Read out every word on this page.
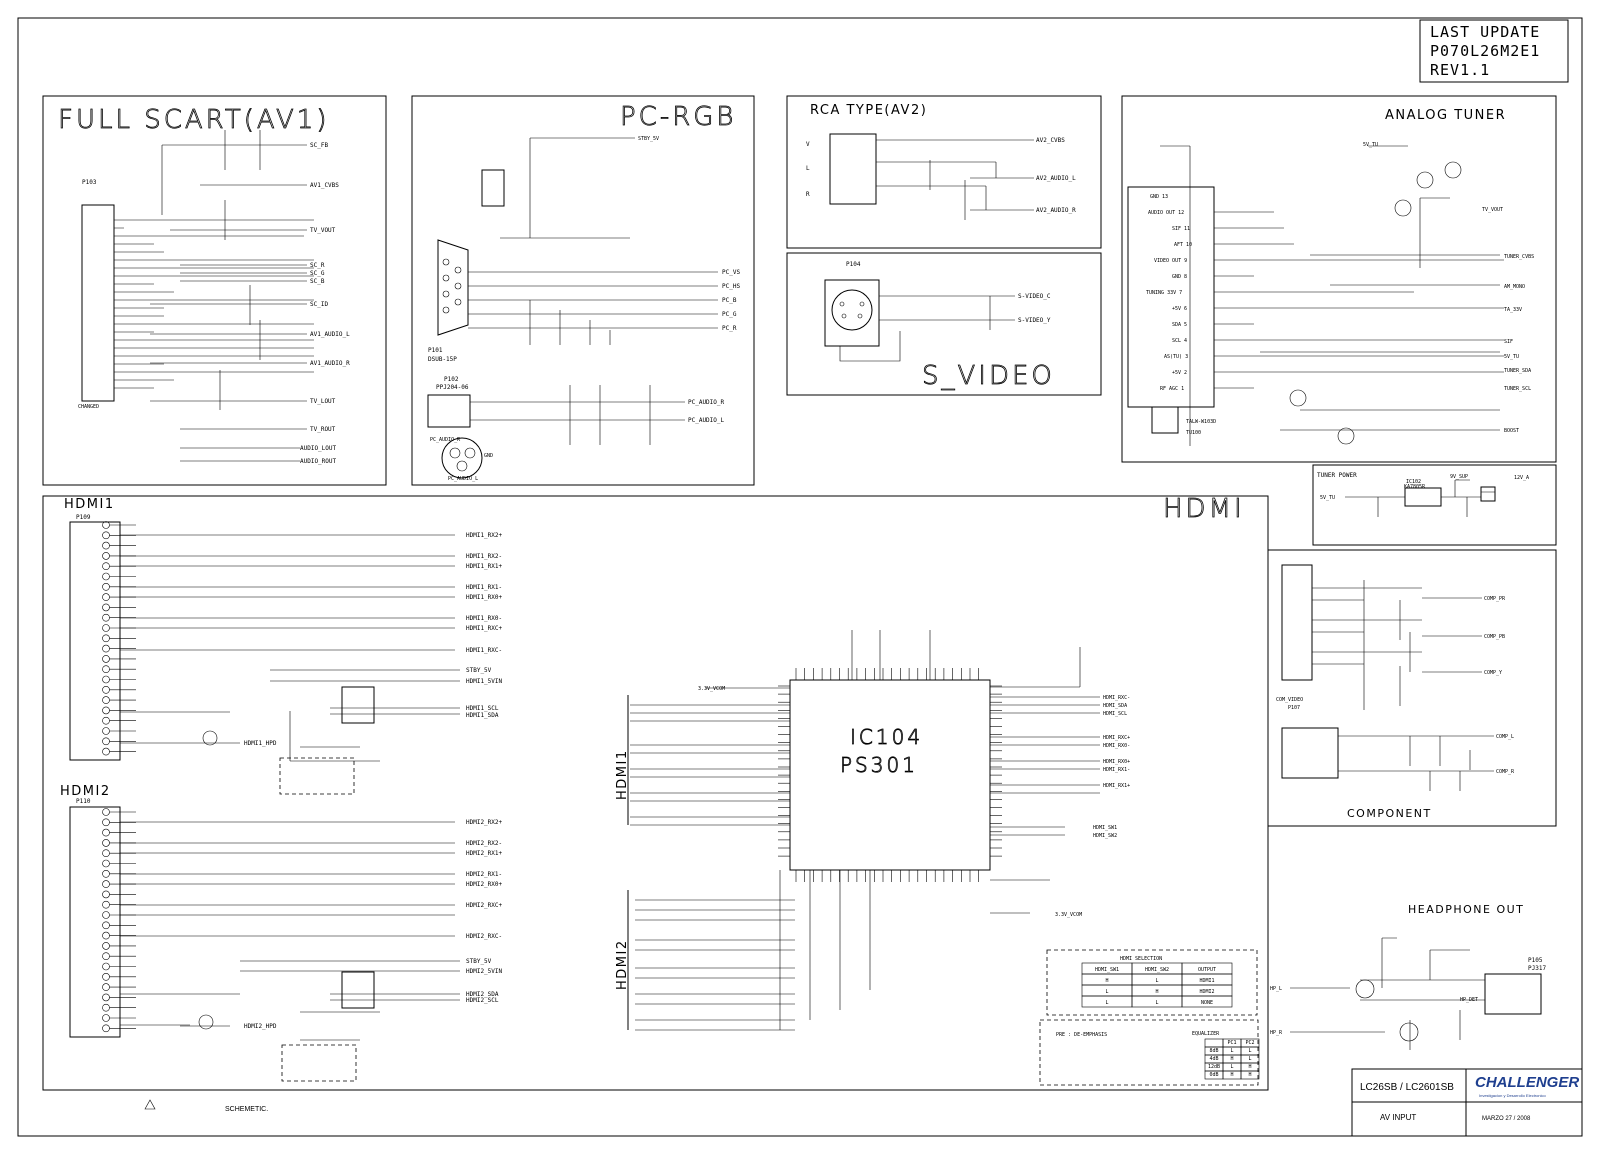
LAST UPDATE
P070L26M2E1
REV1.1
FULL SCART(AV1)
P103
CHANGED
SC_FB
AV1_CVBS
TV_VOUT
SC_R
SC_G
SC_B
SC_ID
AV1_AUDIO_L
AV1_AUDIO_R
TV_LOUT
TV_ROUT
AUDIO_LOUT
AUDIO_ROUT
PC-RGB
STBY_5V
P101
DSUB-15P
P102
PPJ204-06
PC_AUDIO_R
GND
PC_AUDIO_L
PC_VS
PC_HS
PC_B
PC_G
PC_R
PC_AUDIO_R
PC_AUDIO_L
RCA TYPE(AV2)
V
L
R
AV2_CVBS
AV2_AUDIO_L
AV2_AUDIO_R
P104
S-VIDEO_C
S-VIDEO_Y
S_VIDEO
ANALOG TUNER
TALW-W103D
TU100
GND 13
AUDIO OUT 12
SIF 11
AFT 10
VIDEO OUT 9
GND 8
TUNING 33V 7
+5V 6
SDA 5
SCL 4
AS(TU) 3
+5V 2
RF AGC 1
5V_TU
TV_VOUT
TUNER_CVBS
AM_MONO
TA_33V
SIF
5V_TU
TUNER_SDA
TUNER_SCL
BOOST
TUNER POWER
IC102
KA7805R
5V_TU
9V_SUP	12V_A
HDMI
HDMI1
HDMI2
P109
P110
HDMI1_RX2+
HDMI1_RX2-
HDMI1_RX1+
HDMI1_RX1-
HDMI1_RX0+
HDMI1_RX0-
HDMI1_RXC+
HDMI1_RXC-
STBY_5V
HDMI1_5VIN
HDMI1_SCL
HDMI1_SDA
HDMI1_HPD
HDMI2_RX2+
HDMI2_RX2-
HDMI2_RX1+
HDMI2_RX1-
HDMI2_RX0+
HDMI2_RXC+
HDMI2_RXC-
STBY_5V
HDMI2_5VIN
HDMI2_SDA
HDMI2_SCL
HDMI2_HPD
IC104
PS301
3.3V_VCOM
3.3V_VCOM
HDMI1
HDMI2
HDMI_RXC-
HDMI_SDA
HDMI_SCL
HDMI_RXC+
HDMI_RX0-
HDMI_RX0+
HDMI_RX1-
HDMI_RX1+
HDMI_SW1
HDMI_SW2
HDMI SELECTION
HDMI_SW1	HDMI_SW2	OUTPUT
H	L	HDMI1
L	H	HDMI2
L	L	NONE
PRE : DE-EMPHASIS	EQUALIZER
PC1 PC2
8dB L	L
4dB H	L
12dB L	H
0dB H	H
COMPONENT
COMP_PR
COMP_PB
COMP_Y
COM_VIDEO
P107
COMP_L
COMP_R
HEADPHONE OUT
P105
PJ317
HP_L
HP_R
HP_DET
LC26SB / LC2601SB CHALLENGER
Investigacion y Desarrollo Electronico
AV INPUT	MARZO 27 / 2008
SCHEMETIC.
